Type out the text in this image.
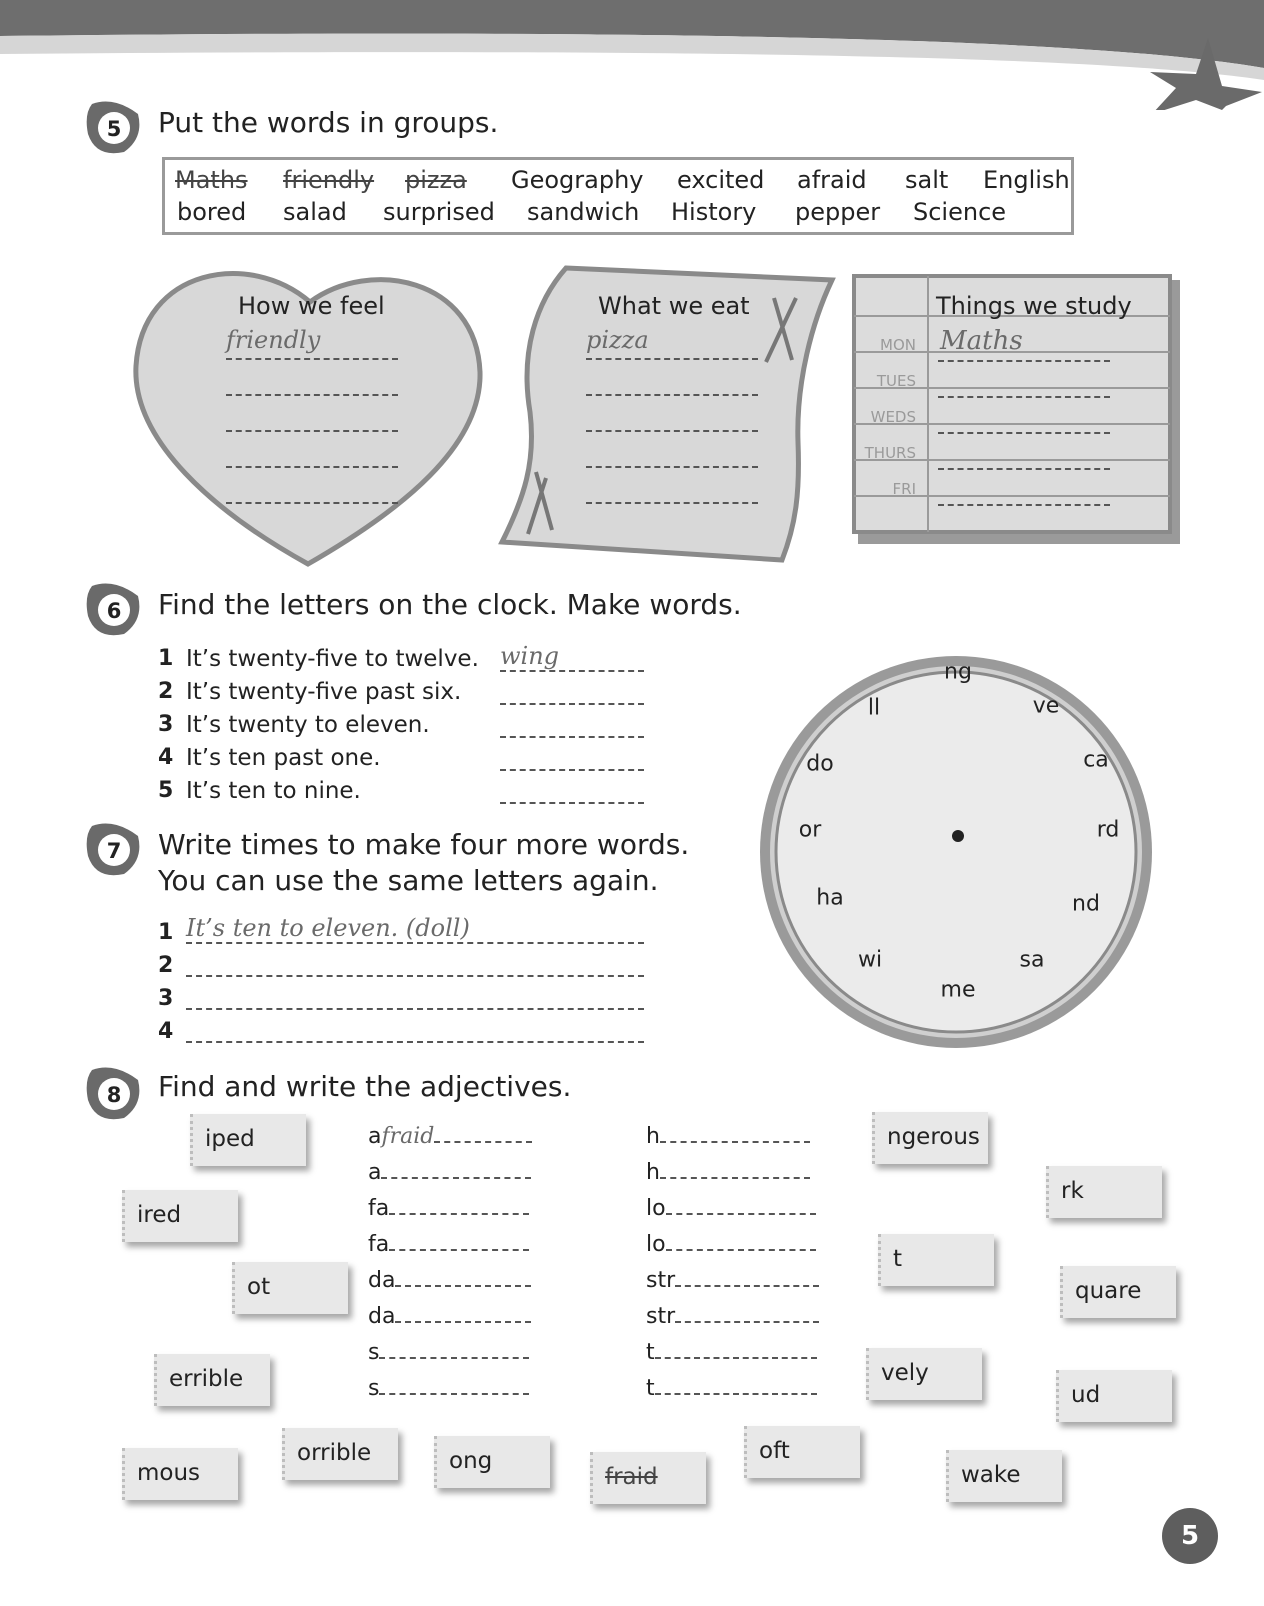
5 Put the words in groups.
Maths friendly pizza Geography excited afraid salt English
bored salad surprised sandwich History pepper Science
How we feel
friendly
What we eat
pizza
Things we study
MON
TUES
WEDS
THURS
FRI
Maths
6 Find the letters on the clock. Make words.
1 It’s twenty-five to twelve. wing
2 It’s twenty-five past six.
3 It’s twenty to eleven.
4 It’s ten past one.
5 It’s ten to nine.
ng
ve
ca
rd
nd
sa
me
wi
ha
or
do
ll
7 Write times to make four more words.
You can use the same letters again.
1 It’s ten to eleven. (doll)
2
3
4
8 Find and write the adjectives.
afraid
a
fa
fa
da
da
s
s
h
h
lo
lo
str
str
t
t
iped
ired
ot
errible
mous
orrible	ong
fraid
oft
ngerous
rk
t
quare
vely
ud
wake
5
